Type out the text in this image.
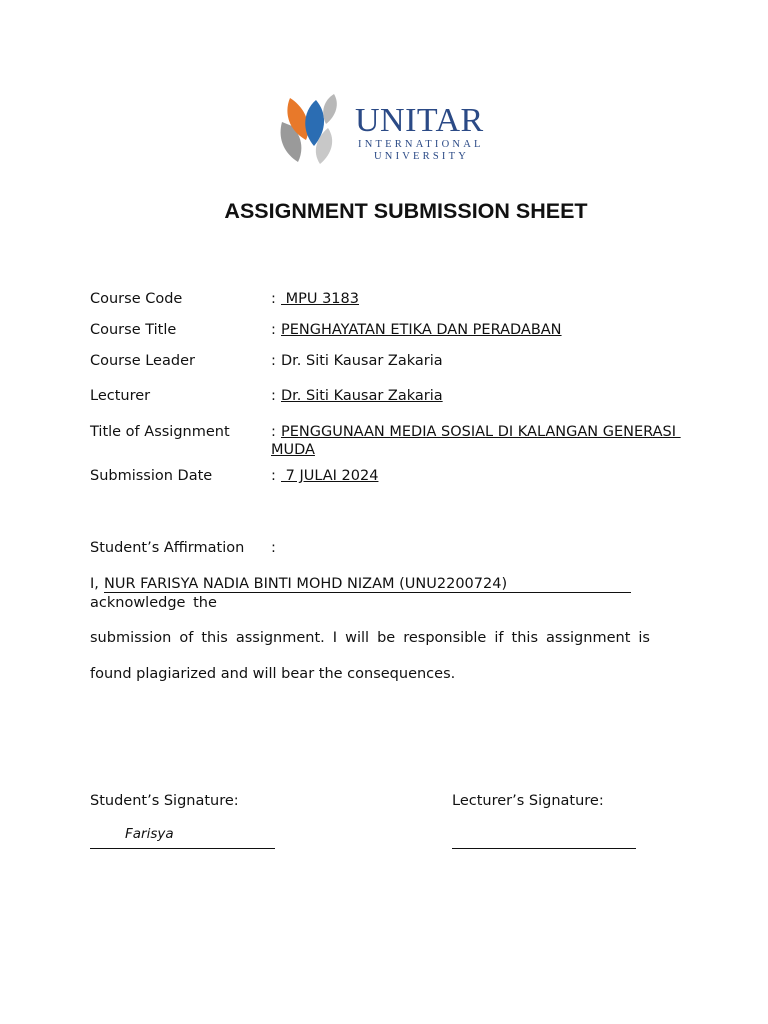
UNITAR
INTERNATIONAL
UNIVERSITY
ASSIGNMENT SUBMISSION SHEET
Course Code	: MPU 3183
Course Title	: PENGHAYATAN ETIKA DAN PERADABAN
Course Leader	: Dr. Siti Kausar Zakaria
Lecturer	: Dr. Siti Kausar Zakaria
Title of Assignment	: PENGGUNAAN MEDIA SOSIAL DI KALANGAN GENERASI
MUDA
Submission Date	: 7 JULAI 2024
Student’s Affirmation :
I, NUR FARISYA NADIA BINTI MOHD NIZAM (UNU2200724)
acknowledge the
submission of this assignment. I will be responsible if this assignment is
found plagiarized and will bear the consequences.
Student’s Signature:
Farisya
Lecturer’s Signature:
